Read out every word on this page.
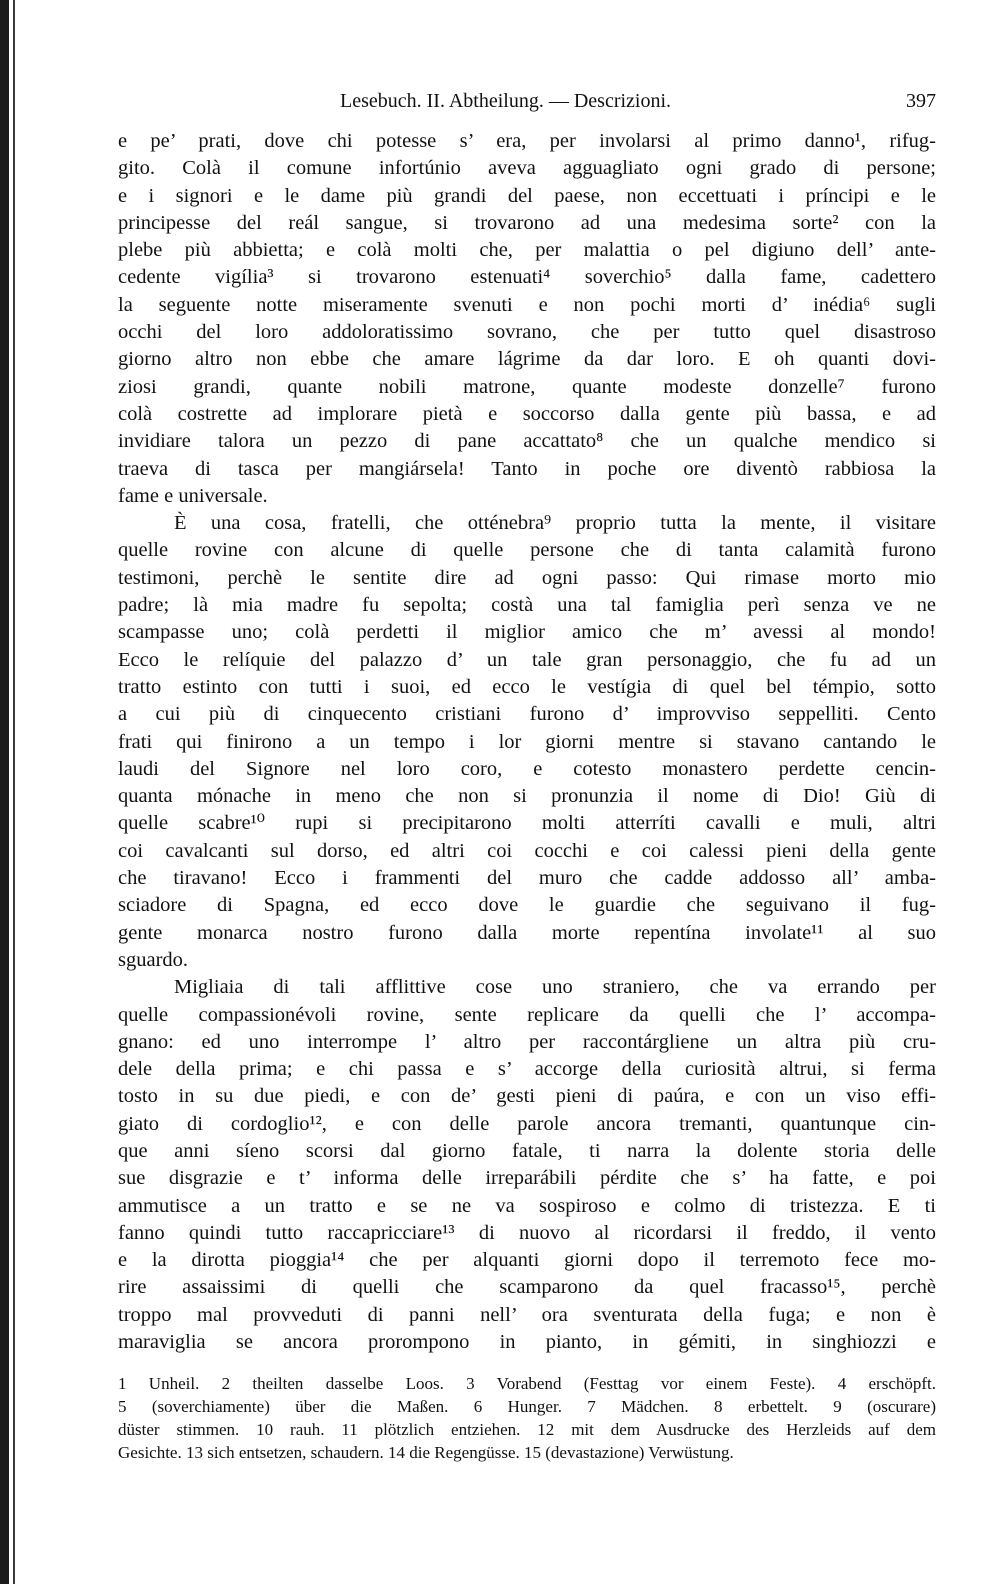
Lesebuch. II. Abtheilung. — Descrizioni.	397
e pe’ prati, dove chi potesse s’ era, per involarsi al primo danno¹, rifug-
gito. Colà il comune infortúnio aveva agguagliato ogni grado di persone;
e i signori e le dame più grandi del paese, non eccettuati i príncipi e le
principesse del reál sangue, si trovarono ad una medesima sorte² con la
plebe più abbietta; e colà molti che, per malattia o pel digiuno dell’ ante-
cedente vigília³ si trovarono estenuati⁴ soverchio⁵ dalla fame, cadettero
la seguente notte miseramente svenuti e non pochi morti d’ inédia⁶ sugli
occhi del loro addoloratissimo sovrano, che per tutto quel disastroso
giorno altro non ebbe che amare lágrime da dar loro. E oh quanti dovi-
ziosi grandi, quante nobili matrone, quante modeste donzelle⁷ furono
colà costrette ad implorare pietà e soccorso dalla gente più bassa, e ad
invidiare talora un pezzo di pane accattato⁸ che un qualche mendico si
traeva di tasca per mangiársela! Tanto in poche ore diventò rabbiosa la
fame e universale.
È una cosa, fratelli, che otténebra⁹ proprio tutta la mente, il visitare
quelle rovine con alcune di quelle persone che di tanta calamità furono
testimoni, perchè le sentite dire ad ogni passo: Qui rimase morto mio
padre; là mia madre fu sepolta; costà una tal famiglia perì senza ve ne
scampasse uno; colà perdetti il miglior amico che m’ avessi al mondo!
Ecco le relíquie del palazzo d’ un tale gran personaggio, che fu ad un
tratto estinto con tutti i suoi, ed ecco le vestígia di quel bel témpio, sotto
a cui più di cinquecento cristiani furono d’ improvviso seppelliti. Cento
frati qui finirono a un tempo i lor giorni mentre si stavano cantando le
laudi del Signore nel loro coro, e cotesto monastero perdette cencin-
quanta mónache in meno che non si pronunzia il nome di Dio! Giù di
quelle scabre¹⁰ rupi si precipitarono molti atterríti cavalli e muli, altri
coi cavalcanti sul dorso, ed altri coi cocchi e coi calessi pieni della gente
che tiravano! Ecco i frammenti del muro che cadde addosso all’ amba-
sciadore di Spagna, ed ecco dove le guardie che seguivano il fug-
gente monarca nostro furono dalla morte repentína involate¹¹ al suo
sguardo.
Migliaia di tali afflittive cose uno straniero, che va errando per
quelle compassionévoli rovine, sente replicare da quelli che l’ accompa-
gnano: ed uno interrompe l’ altro per raccontárgliene un altra più cru-
dele della prima; e chi passa e s’ accorge della curiosità altrui, si ferma
tosto in su due piedi, e con de’ gesti pieni di paúra, e con un viso effi-
giato di cordoglio¹², e con delle parole ancora tremanti, quantunque cin-
que anni síeno scorsi dal giorno fatale, ti narra la dolente storia delle
sue disgrazie e t’ informa delle irreparábili pérdite che s’ ha fatte, e poi
ammutisce a un tratto e se ne va sospiroso e colmo di tristezza. E ti
fanno quindi tutto raccapricciare¹³ di nuovo al ricordarsi il freddo, il vento
e la dirotta pioggia¹⁴ che per alquanti giorni dopo il terremoto fece mo-
rire assaissimi di quelli che scamparono da quel fracasso¹⁵, perchè
troppo mal provveduti di panni nell’ ora sventurata della fuga; e non è
maraviglia se ancora prorompono in pianto, in gémiti, in singhiozzi e
1 Unheil. 2 theilten dasselbe Loos. 3 Vorabend (Festtag vor einem Feste). 4 erschöpft.
5 (soverchiamente) über die Maßen. 6 Hunger. 7 Mädchen. 8 erbettelt. 9 (oscurare)
düster stimmen. 10 rauh. 11 plötzlich entziehen. 12 mit dem Ausdrucke des Herzleids auf dem
Gesichte. 13 sich entsetzen, schaudern. 14 die Regengüsse. 15 (devastazione) Verwüstung.
